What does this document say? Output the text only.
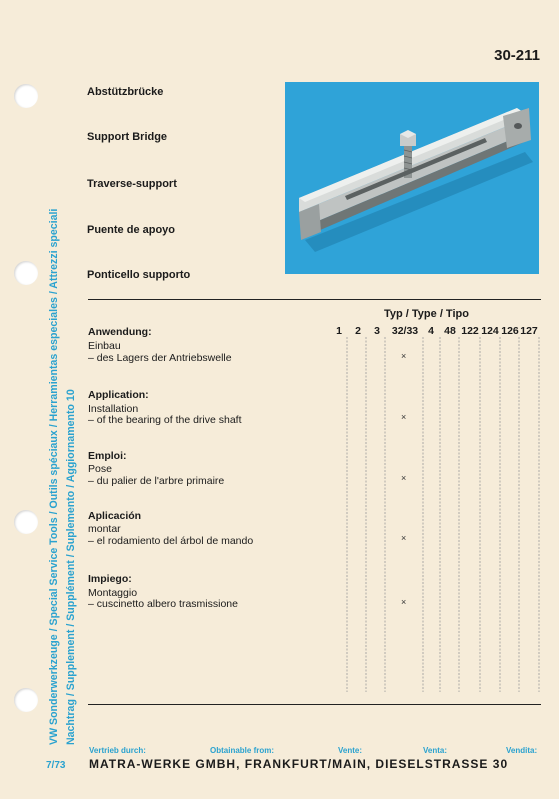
VW Sonderwerkzeuge / Special Service Tools / Outils spéciaux / Herramientas especiales / Attrezzi speciali Nachtrag / Supplement / Supplément / Suplemento / Aggiornamento 10
30-211
Abstützbrücke
Support Bridge
Traverse-support
Puente de apoyo
Ponticello supporto
Typ / Type / Tipo
1 2 3	32/33 4 48 122 124 126 127
Anwendung:
Einbau
– des Lagers der Antriebswelle	×
Application:
Installation
– of the bearing of the drive shaft	×
Emploi:
Pose
– du palier de l'arbre primaire	×
Aplicación
montar
– el rodamiento del árbol de mando	×
Impiego:
Montaggio
– cuscinetto albero trasmissione	×
Vertrieb durch:	Obtainable from:	Vente:	Venta:	Vendita:
7/73 MATRA-WERKE GMBH, FRANKFURT/MAIN, DIESELSTRASSE 30
